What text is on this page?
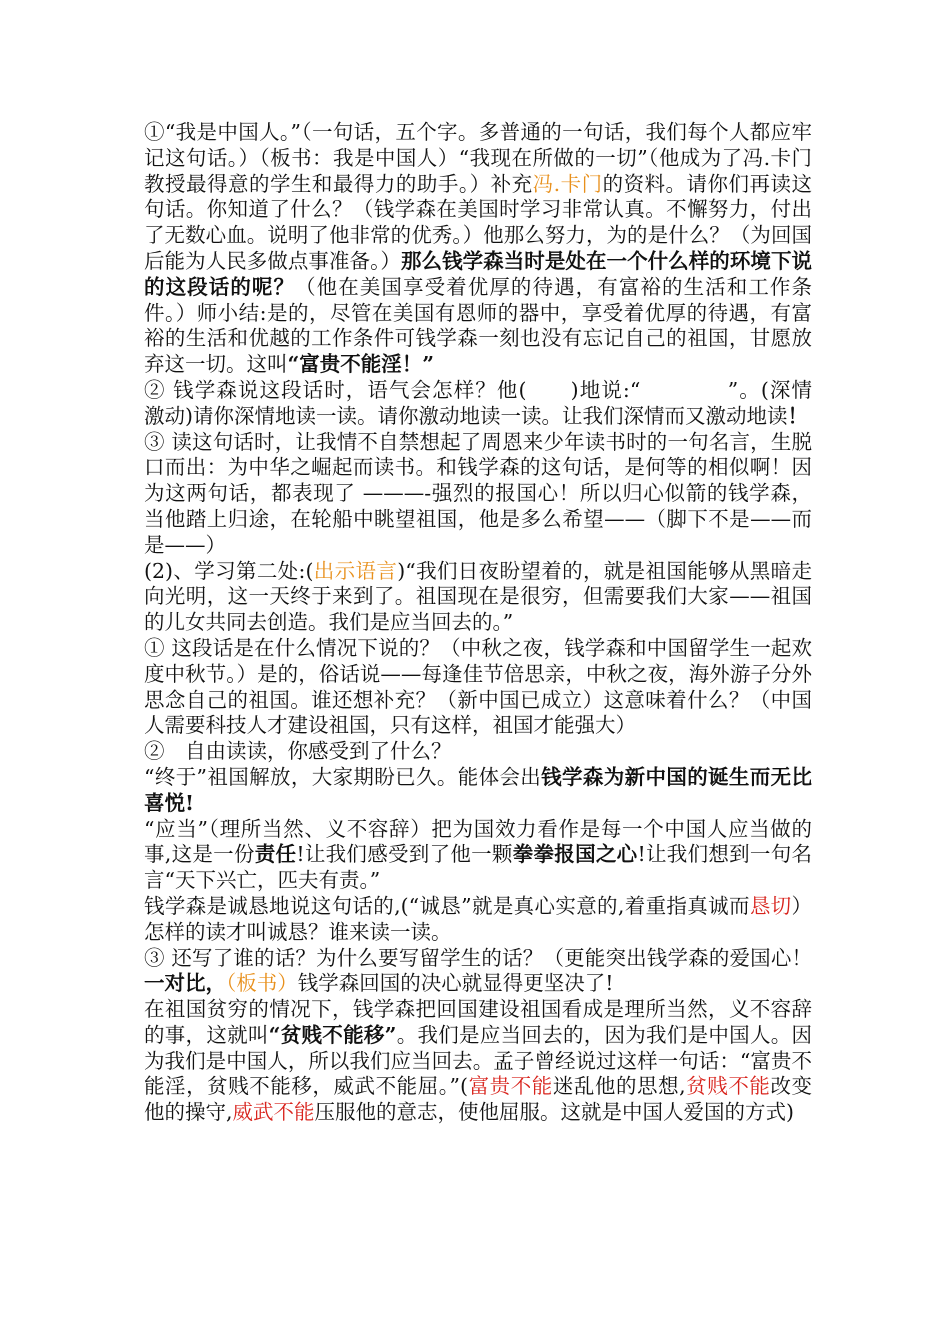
①“我是中国人。”（一句话，五个字。多普通的一句话，我们每个人都应牢记这句话。）（板书：我是中国人）“我现在所做的一切”（他成为了冯.卡门教授最得意的学生和最得力的助手。）补充冯.卡门的资料。请你们再读这句话。你知道了什么？（钱学森在美国时学习非常认真。不懈努力，付出了无数心血。说明了他非常的优秀。）他那么努力，为的是什么？（为回国后能为人民多做点事准备。）那么钱学森当时是处在一个什么样的环境下说的这段话的呢？（他在美国享受着优厚的待遇，有富裕的生活和工作条件。）师小结:是的，尽管在美国有恩师的器中，享受着优厚的待遇，有富裕的生活和优越的工作条件可钱学森一刻也没有忘记自己的祖国，甘愿放弃这一切。这叫“富贵不能淫！”

② 钱学森说这段话时，语气会怎样？他(　　)地说:“　　　　”。(深情　激动)请你深情地读一读。请你激动地读一读。让我们深情而又激动地读！

③ 读这句话时，让我情不自禁想起了周恩来少年读书时的一句名言，生脱口而出：为中华之崛起而读书。和钱学森的这句话，是何等的相似啊！因为这两句话，都表现了 ———-强烈的报国心！所以归心似箭的钱学森，当他踏上归途，在轮船中眺望祖国，他是多么希望——（脚下不是——而是——）

(2)、学习第二处:(出示语言)“我们日夜盼望着的，就是祖国能够从黑暗走向光明，这一天终于来到了。祖国现在是很穷，但需要我们大家——祖国的儿女共同去创造。我们是应当回去的。”

① 这段话是在什么情况下说的？（中秋之夜，钱学森和中国留学生一起欢度中秋节。）是的，俗话说——每逢佳节倍思亲，中秋之夜，海外游子分外思念自己的祖国。谁还想补充？（新中国已成立）这意味着什么？（中国人需要科技人才建设祖国，只有这样，祖国才能强大）

②　自由读读，你感受到了什么？

“终于”祖国解放，大家期盼已久。能体会出钱学森为新中国的诞生而无比喜悦!

“应当”（理所当然、义不容辞）把为国效力看作是每一个中国人应当做的事,这是一份责任!让我们感受到了他一颗拳拳报国之心!让我们想到一句名言“天下兴亡，匹夫有责。”

钱学森是诚恳地说这句话的,(“诚恳”就是真心实意的,着重指真诚而恳切）怎样的读才叫诚恳？谁来读一读。

③ 还写了谁的话？为什么要写留学生的话？（更能突出钱学森的爱国心！一对比，（板书）钱学森回国的决心就显得更坚决了!

在祖国贫穷的情况下，钱学森把回国建设祖国看成是理所当然，义不容辞的事，这就叫“贫贱不能移”。我们是应当回去的，因为我们是中国人。因为我们是中国人，所以我们应当回去。孟子曾经说过这样一句话：“富贵不能淫，贫贱不能移，威武不能屈。”(富贵不能迷乱他的思想,贫贱不能改变他的操守,威武不能压服他的意志，使他屈服。这就是中国人爱国的方式)
